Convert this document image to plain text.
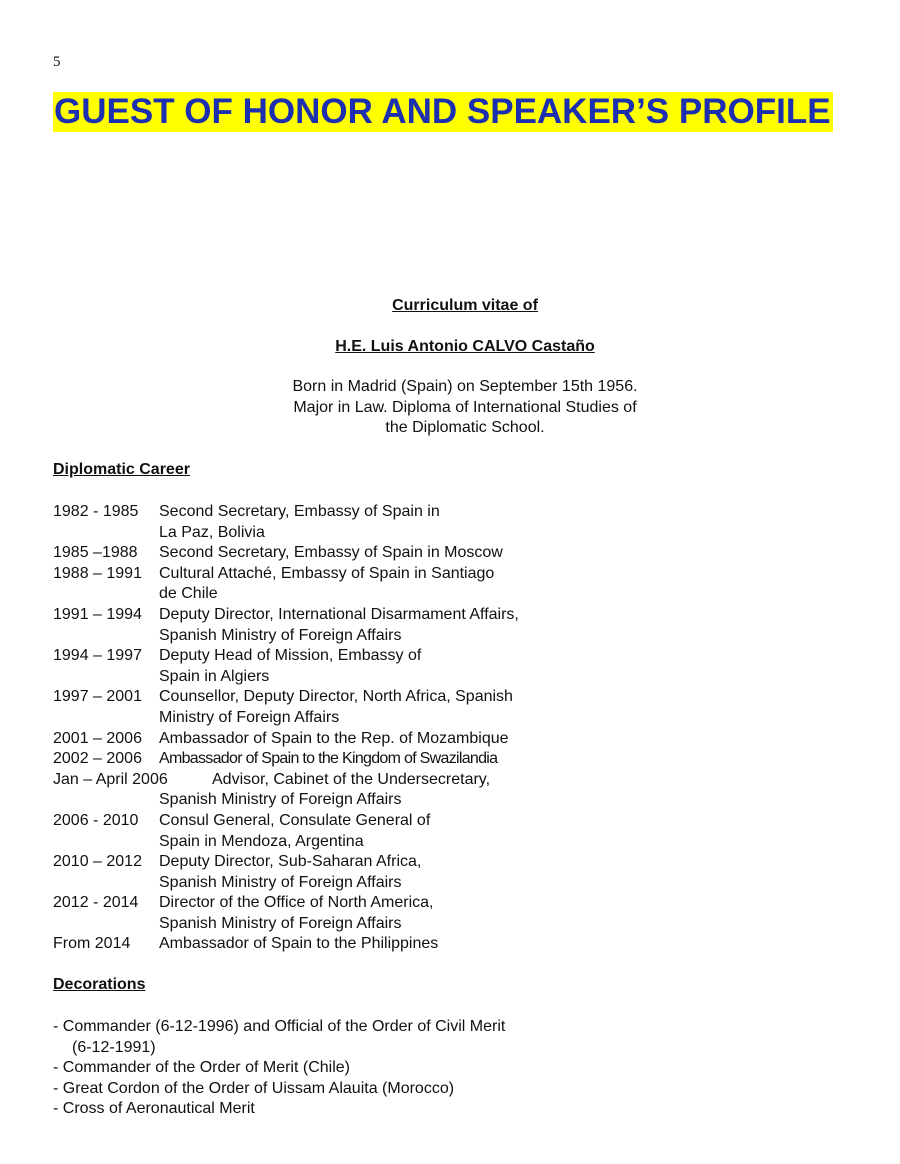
5
GUEST OF HONOR AND SPEAKER’S PROFILE

Curriculum vitae of

H.E. Luis Antonio CALVO Castaño

Born in Madrid (Spain) on September 15th 1956.
Major in Law. Diploma of International Studies of
the Diplomatic School.

Diplomatic Career

1982 - 1985	Second Secretary, Embassy of Spain in
La Paz, Bolivia
1985 –1988	Second Secretary, Embassy of Spain in Moscow
1988 – 1991	Cultural Attaché, Embassy of Spain in Santiago
de Chile
1991 – 1994	Deputy Director, International Disarmament Affairs,
Spanish Ministry of Foreign Affairs
1994 – 1997	Deputy Head of Mission, Embassy of
Spain in Algiers
1997 – 2001	Counsellor, Deputy Director, North Africa, Spanish
Ministry of Foreign Affairs
2001 – 2006	Ambassador of Spain to the Rep. of Mozambique
2002 – 2006	Ambassador of Spain to the Kingdom of Swazilandia
Jan – April 2006	Advisor, Cabinet of the Undersecretary,
Spanish Ministry of Foreign Affairs
2006 - 2010	Consul General, Consulate General of
Spain in Mendoza, Argentina
2010 – 2012	Deputy Director, Sub-Saharan Africa,
Spanish Ministry of Foreign Affairs
2012 - 2014	Director of the Office of North America,
Spanish Ministry of Foreign Affairs
From 2014	Ambassador of Spain to the Philippines

Decorations

- Commander (6-12-1996) and Official of the Order of Civil Merit
(6-12-1991)
- Commander of the Order of Merit (Chile)
- Great Cordon of the Order of Uissam Alauita (Morocco)
- Cross of Aeronautical Merit
